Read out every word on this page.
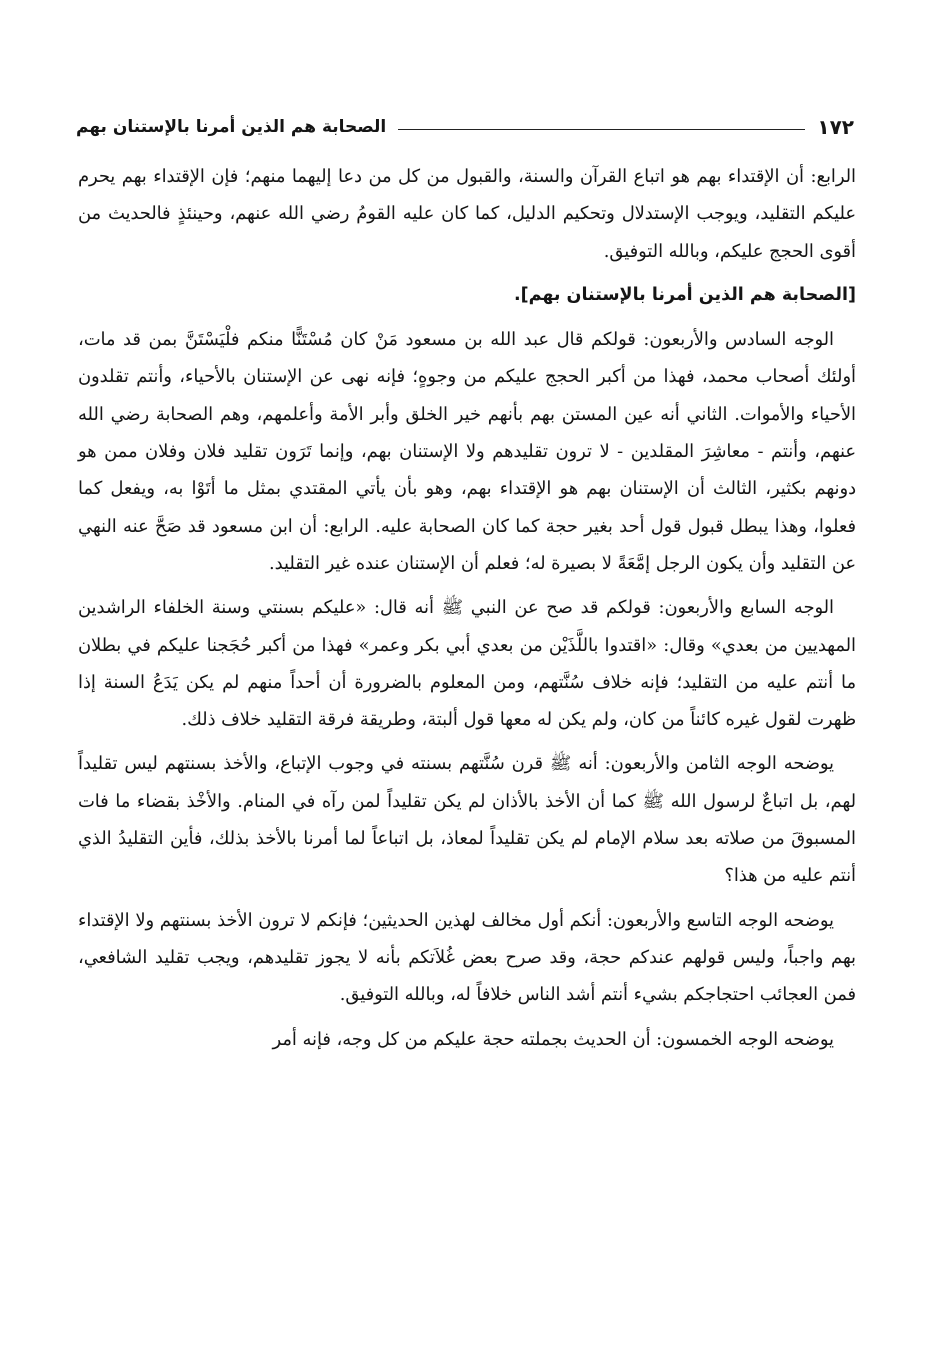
١٧٢
الصحابة هم الذين أمرنا بالإستنان بهم

الرابع: أن الإقتداء بهم هو اتباع القرآن والسنة، والقبول من كل من دعا إليهما منهم؛ فإن الإقتداء بهم يحرم عليكم التقليد، ويوجب الإستدلال وتحكيم الدليل، كما كان عليه القومُ رضي الله عنهم، وحينئذٍ فالحديث من أقوى الحجج عليكم، وبالله التوفيق.

[الصحابة هم الذين أمرنا بالإستنان بهم].

الوجه السادس والأربعون: قولكم قال عبد الله بن مسعود مَنْ كان مُسْتَنًّا منكم فلْيَسْتَنَّ بمن قد مات، أولئك أصحاب محمد، فهذا من أكبر الحجج عليكم من وجوهٍ؛ فإنه نهى عن الإستنان بالأحياء، وأنتم تقلدون الأحياء والأموات. الثاني أنه عين المستن بهم بأنهم خير الخلق وأبر الأمة وأعلمهم، وهم الصحابة رضي الله عنهم، وأنتم - معاشِرَ المقلدين - لا ترون تقليدهم ولا الإستنان بهم، وإنما تَرَون تقليد فلان وفلان ممن هو دونهم بكثير، الثالث أن الإستنان بهم هو الإقتداء بهم، وهو بأن يأتي المقتدي بمثل ما أتَوْا به، ويفعل كما فعلوا، وهذا يبطل قبول قول أحد بغير حجة كما كان الصحابة عليه. الرابع: أن ابن مسعود قد صَحَّ عنه النهي عن التقليد وأن يكون الرجل إمَّعَةً لا بصيرة له؛ فعلم أن الإستنان عنده غير التقليد.

الوجه السابع والأربعون: قولكم قد صح عن النبي ﷺ أنه قال: «عليكم بسنتي وسنة الخلفاء الراشدين المهديين من بعدي» وقال: «اقتدوا باللَّذَيْن من بعدي أبي بكر وعمر» فهذا من أكبر حُجَجنا عليكم في بطلان ما أنتم عليه من التقليد؛ فإنه خلاف سُنَّتهم، ومن المعلوم بالضرورة أن أحداً منهم لم يكن يَدَعُ السنة إذا ظهرت لقول غيره كائناً من كان، ولم يكن له معها قول ألبتة، وطريقة فرقة التقليد خلاف ذلك.

يوضحه الوجه الثامن والأربعون: أنه ﷺ قرن سُنَّتهم بسنته في وجوب الإتباع، والأخذ بسنتهم ليس تقليداً لهم، بل اتباعٌ لرسول الله ﷺ كما أن الأخذ بالأذان لم يكن تقليداً لمن رآه في المنام. والأخْذ بقضاء ما فات المسبوقَ من صلاته بعد سلام الإمام لم يكن تقليداً لمعاذ، بل اتباعاً لما أمرنا بالأخذ بذلك، فأين التقليدُ الذي أنتم عليه من هذا؟

يوضحه الوجه التاسع والأربعون: أنكم أول مخالف لهذين الحديثين؛ فإنكم لا ترون الأخذ بسنتهم ولا الإقتداء بهم واجباً، وليس قولهم عندكم حجة، وقد صرح بعض غُلاَتكم بأنه لا يجوز تقليدهم، ويجب تقليد الشافعي، فمن العجائب احتجاجكم بشيء أنتم أشد الناس خلافاً له، وبالله التوفيق.

يوضحه الوجه الخمسون: أن الحديث بجملته حجة عليكم من كل وجه، فإنه أمر
